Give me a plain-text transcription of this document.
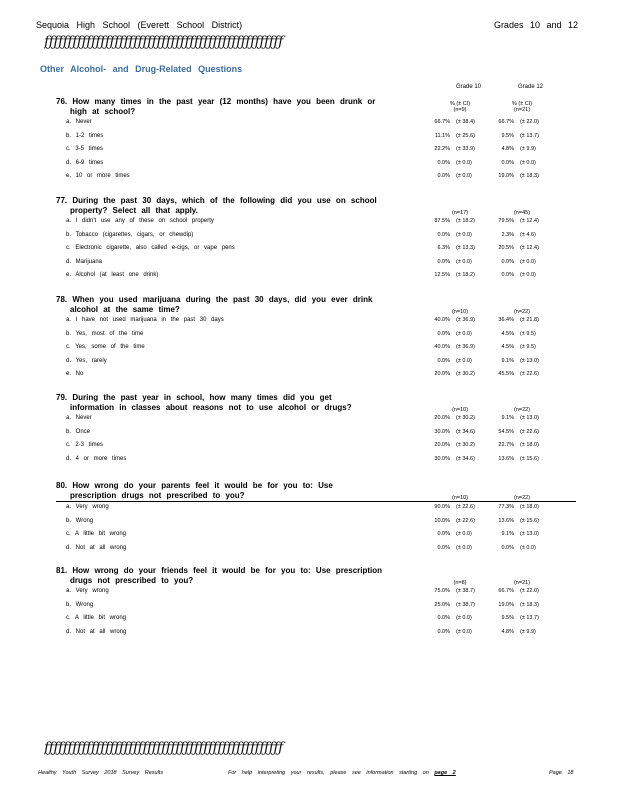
Sequoia High School (Everett School District)	Grades 10 and 12
ƒƒƒƒƒƒƒƒƒƒƒƒƒƒƒƒƒƒƒƒƒƒƒƒƒƒƒƒƒƒƒƒƒƒƒƒƒƒƒƒƒƒƒƒƒƒƒƒƒƒƒ
Other Alcohol- and Drug-Related Questions
Grade 10	Grade 12
76. How many times in the past year (12 months) have you been drunk or
high at school?
% (± CI)
(n=9)
% (± CI)
(n=21)
a. Never	66.7% (± 38.4)	66.7% (± 22.0)
b. 1-2 times	11.1% (± 25.6)	9.5% (± 13.7)
c. 3-5 times	22.2% (± 33.9)	4.8% (± 9.9)
d. 6-9 times	0.0% (± 0.0)	0.0% (± 0.0)
e. 10 or more times	0.0% (± 0.0)	19.0% (± 18.3)
77. During the past 30 days, which of the following did you use on school
property? Select all that apply.	(n=17)	(n=45)
a. I didn't use any of these on school property	87.5% (± 18.2)	79.5% (± 12.4)
b. Tobacco (cigarettes, cigars, or chewdip)	0.0% (± 0.0)	2.3% (± 4.6)
c. Electronic cigarette, also called e-cigs, or vape pens	6.3% (± 13.3)	20.5% (± 12.4)
d. Marijuana	0.0% (± 0.0)	0.0% (± 0.0)
e. Alcohol (at least one drink)	12.5% (± 18.2)	0.0% (± 0.0)
78. When you used marijuana during the past 30 days, did you ever drink
alcohol at the same time?	(n=10)	(n=22)
a. I have not used marijuana in the past 30 days	40.0% (± 36.9)	36.4% (± 21.8)
b. Yes, most of the time	0.0% (± 0.0)	4.5% (± 9.5)
c. Yes, some of the time	40.0% (± 36.9)	4.5% (± 9.5)
d. Yes, rarely	0.0% (± 0.0)	9.1% (± 13.0)
e. No	20.0% (± 30.2)	45.5% (± 22.6)
79. During the past year in school, how many times did you get
information in classes about reasons not to use alcohol or drugs?	(n=10)	(n=22)
a. Never	20.0% (± 30.2)	9.1% (± 13.0)
b. Once	30.0% (± 34.6)	54.5% (± 22.6)
c. 2-3 times	20.0% (± 30.2)	22.7% (± 18.0)
d. 4 or more times	30.0% (± 34.6)	13.6% (± 15.6)
80. How wrong do your parents feel it would be for you to: Use
prescription drugs not prescribed to you?	(n=10)	(n=22)
a. Very wrong	90.0% (± 22.6)	77.3% (± 18.0)
b. Wrong	10.0% (± 22.6)	13.6% (± 15.6)
c. A little bit wrong	0.0% (± 0.0)	9.1% (± 13.0)
d. Not at all wrong	0.0% (± 0.0)	0.0% (± 0.0)
81. How wrong do your friends feel it would be for you to: Use prescription
drugs not prescribed to you?	(n=8)	(n=21)
a. Very wrong	75.0% (± 38.7)	66.7% (± 22.0)
b. Wrong	25.0% (± 38.7)	19.0% (± 18.3)
c. A little bit wrong	0.0% (± 0.0)	9.5% (± 13.7)
d. Not at all wrong	0.0% (± 0.0)	4.8% (± 9.9)
ƒƒƒƒƒƒƒƒƒƒƒƒƒƒƒƒƒƒƒƒƒƒƒƒƒƒƒƒƒƒƒƒƒƒƒƒƒƒƒƒƒƒƒƒƒƒƒƒƒƒƒ
Healthy Youth Survey 2018 Survey Results	For help interpreting your results, please see information starting on page 2	Page 18
